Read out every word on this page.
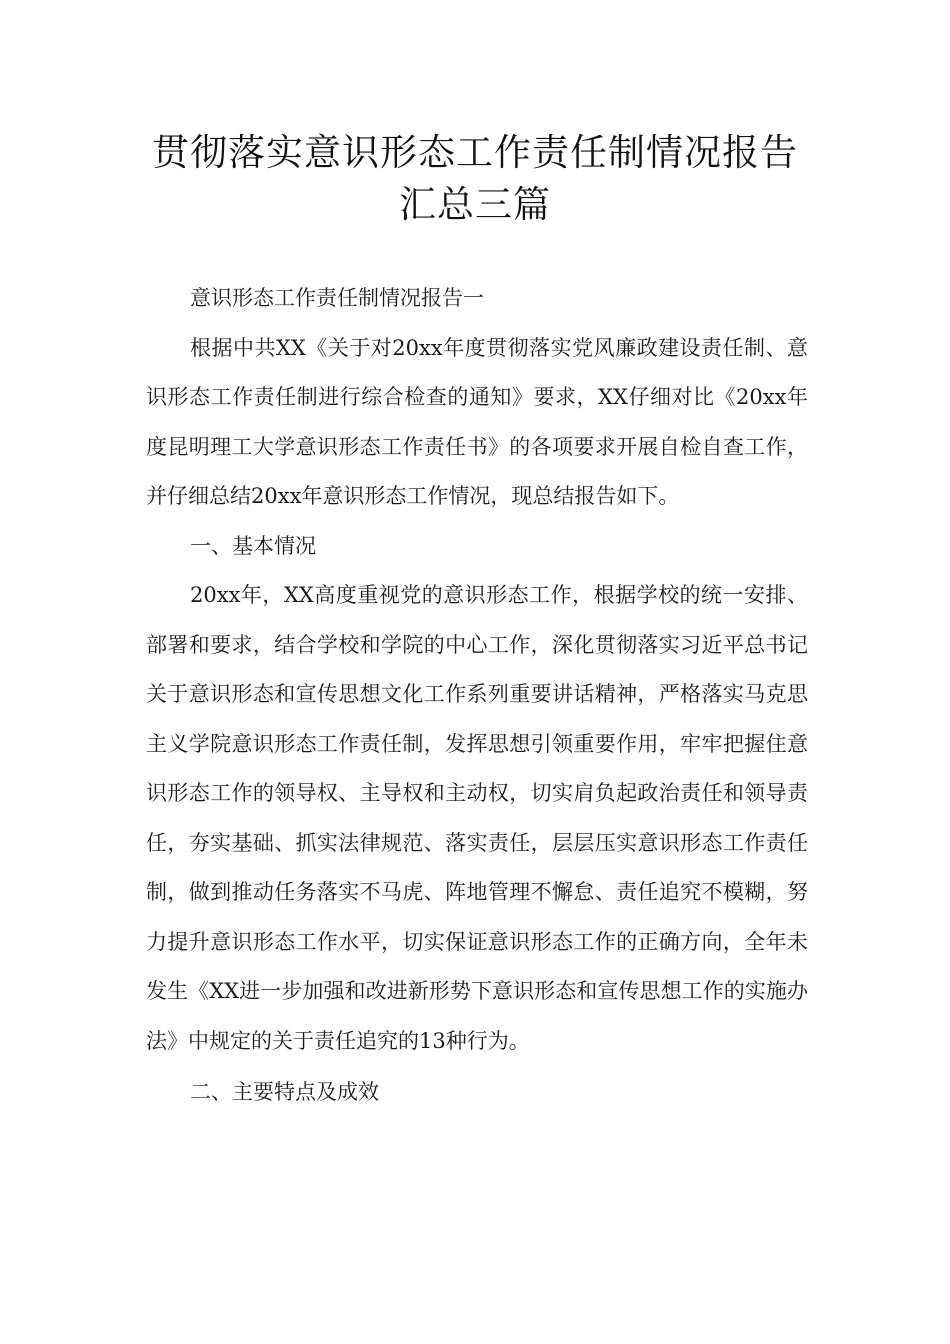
贯彻落实意识形态工作责任制情况报告
汇总三篇

意识形态工作责任制情况报告一

根据中共XX《关于对20xx年度贯彻落实党风廉政建设责任制、意识形态工作责任制进行综合检查的通知》要求，XX仔细对比《20xx年度昆明理工大学意识形态工作责任书》的各项要求开展自检自查工作，并仔细总结20xx年意识形态工作情况，现总结报告如下。

一、基本情况

20xx年，XX高度重视党的意识形态工作，根据学校的统一安排、部署和要求，结合学校和学院的中心工作，深化贯彻落实习近平总书记关于意识形态和宣传思想文化工作系列重要讲话精神，严格落实马克思主义学院意识形态工作责任制，发挥思想引领重要作用，牢牢把握住意识形态工作的领导权、主导权和主动权，切实肩负起政治责任和领导责任，夯实基础、抓实法律规范、落实责任，层层压实意识形态工作责任制，做到推动任务落实不马虎、阵地管理不懈怠、责任追究不模糊，努力提升意识形态工作水平，切实保证意识形态工作的正确方向，全年未发生《XX进一步加强和改进新形势下意识形态和宣传思想工作的实施办法》中规定的关于责任追究的13种行为。

二、主要特点及成效
